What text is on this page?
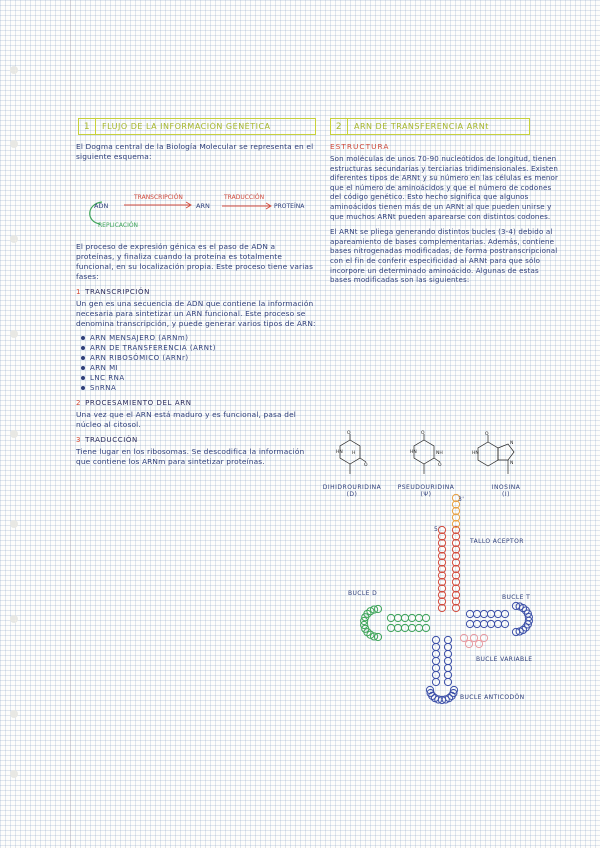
1	FLUJO DE LA INFORMACIÓN GENÉTICA	2	ARN DE TRANSFERENCIA ARNt

El Dogma central de la Biología Molecular se representa en el siguiente esquema:

ADN
TRANSCRIPCIÓN
ARN
TRADUCCIÓN
PROTEÍNA
REPLICACIÓN

El proceso de expresión génica es el paso de ADN a proteínas, y finaliza cuando la proteína es totalmente funcional, en su localización propia. Este proceso tiene varias fases:

1 TRANSCRIPCIÓN

Un gen es una secuencia de ADN que contiene la información necesaria para sintetizar un ARN funcional. Este proceso se denomina transcripción, y puede generar varios tipos de ARN:

ARN MENSAJERO (ARNm)
ARN DE TRANSFERENCIA (ARNt)
ARN RIBOSÓMICO (ARNr)
ARN MI
LNC RNA
SnRNA
2 PROCESAMIENTO DEL ARN

Una vez que el ARN está maduro y es funcional, pasa del núcleo al citosol.

3 TRADUCCIÓN

Tiene lugar en los ribosomas. Se descodifica la información que contiene los ARNm para sintetizar proteínas.

ESTRUCTURA

Son moléculas de unos 70-90 nucleótidos de longitud, tienen estructuras secundarias y terciarias tridimensionales. Existen diferentes tipos de ARNt y su número en las células es menor que el número de aminoácidos y que el número de codones del código genético. Esto hecho significa que algunos aminoácidos tienen más de un ARNt al que pueden unirse y que muchos ARNt pueden aparearse con distintos codones.

El ARNt se pliega generando distintos bucles (3-4) debido al apareamiento de bases complementarias. Además, contiene bases nitrogenadas modificadas, de forma postranscripcional con el fin de conferir especificidad al ARNt para que sólo incorpore un determinado aminoácido. Algunas de estas bases modificadas son las siguientes:

O
HN
O
H
O
HN	NH
O
O
HN
N
N
DIHIDROURIDINA
(D)
PSEUDOURIDINA
(Ψ)
INOSINA
(I)
5'
3'
TALLO ACEPTOR
BUCLE D
BUCLE T
BUCLE VARIABLE
BUCLE ANTICODÓN
